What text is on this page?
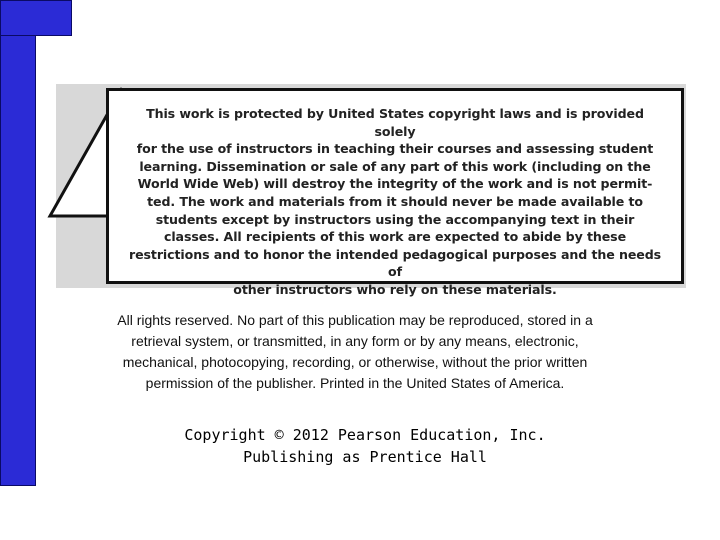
This work is protected by United States copyright laws and is provided solely
for the use of instructors in teaching their courses and assessing student
learning. Dissemination or sale of any part of this work (including on the
World Wide Web) will destroy the integrity of the work and is not permit-
ted. The work and materials from it should never be made available to
students except by instructors using the accompanying text in their
classes. All recipients of this work are expected to abide by these
restrictions and to honor the intended pedagogical purposes and the needs of
other instructors who rely on these materials.

All rights reserved. No part of this publication may be reproduced, stored in a
retrieval system, or transmitted, in any form or by any means, electronic,
mechanical, photocopying, recording, or otherwise, without the prior written
permission of the publisher. Printed in the United States of America.

Copyright © 2012 Pearson Education, Inc.
Publishing as Prentice Hall
